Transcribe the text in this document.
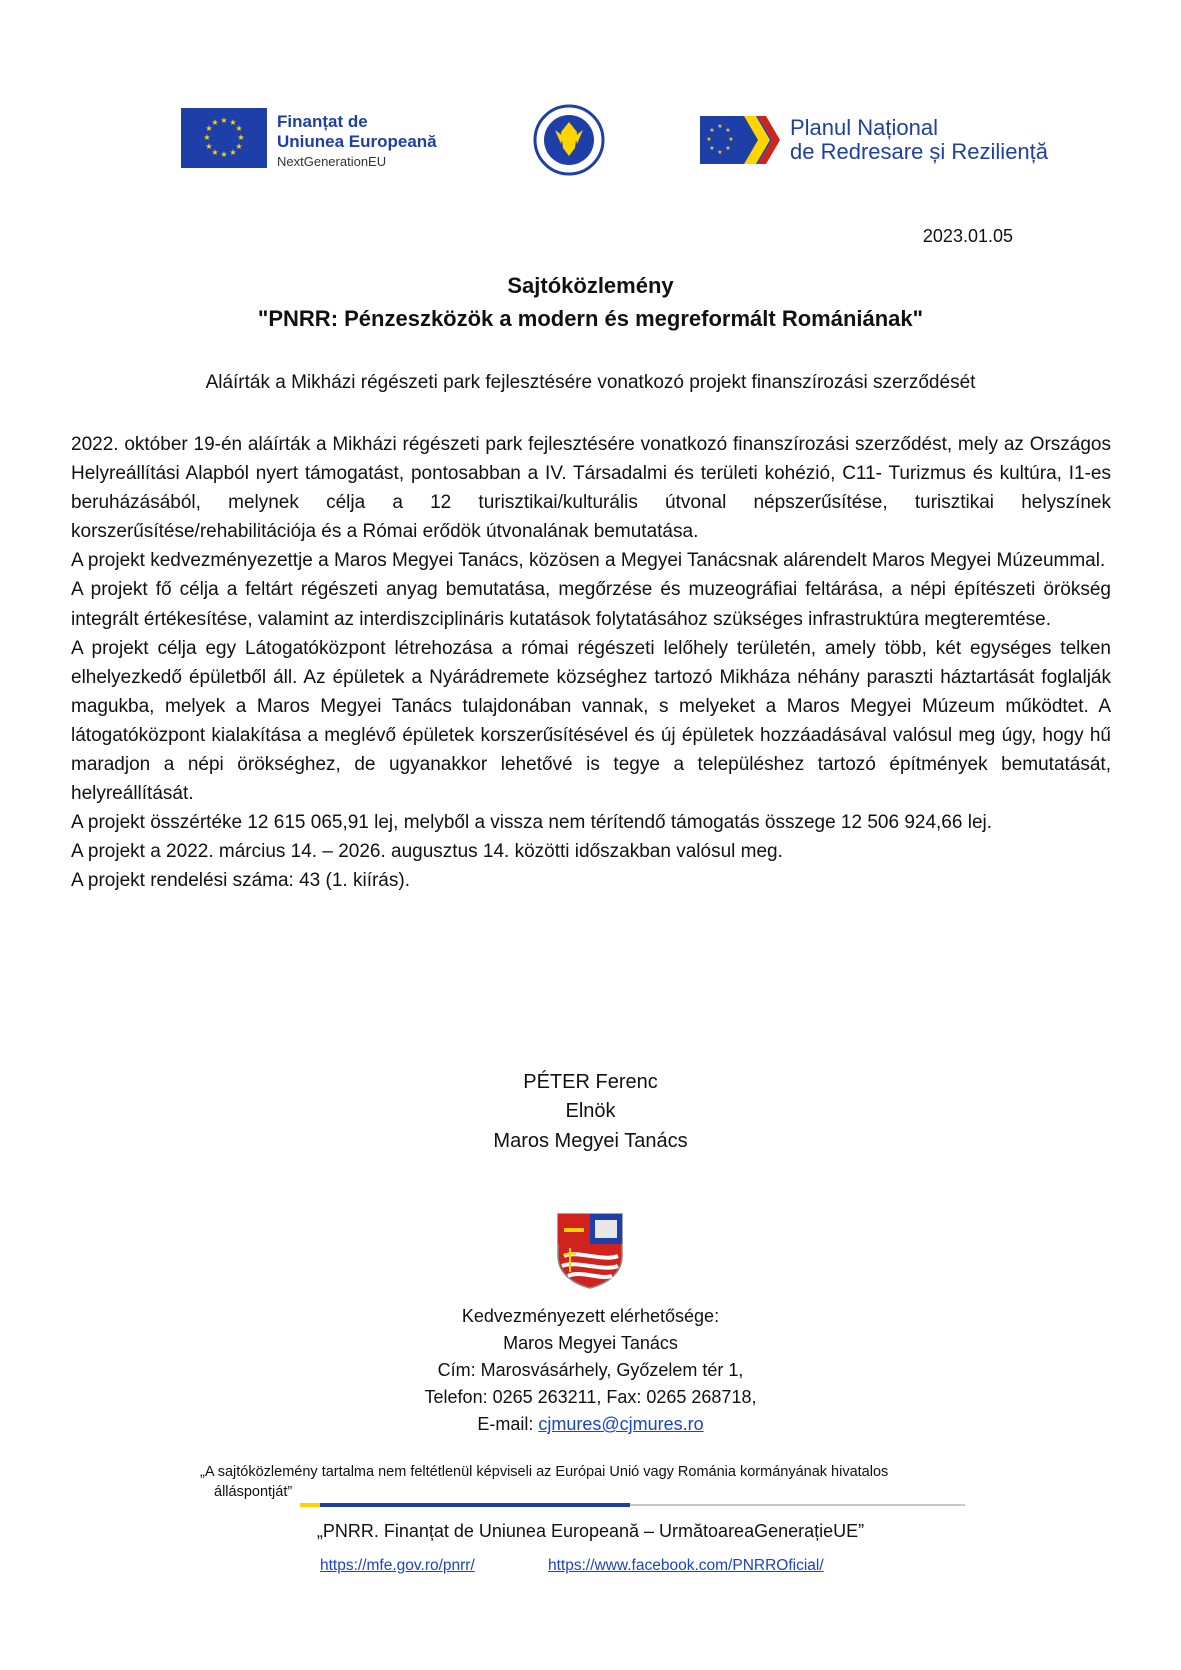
★ ★
★
★
★
★
★
★
★
★
★
★	Finanțat de
Uniunea Europeană
NextGenerationEU
★
★
★
★
★
★
★
★	Planul Național
de Redresare și Reziliență
2023.01.05
Sajtóközlemény
"PNRR: Pénzeszközök a modern és megreformált Romániának"
Aláírták a Mikházi régészeti park fejlesztésére vonatkozó projekt finanszírozási szerződését

2022. október 19-én aláírták a Mikházi régészeti park fejlesztésére vonatkozó finanszírozási szerződést, mely az Országos Helyreállítási Alapból nyert támogatást, pontosabban a IV. Társadalmi és területi kohézió, C11- Turizmus és kultúra, I1-es beruházásából, melynek célja a 12 turisztikai/kulturális útvonal népszerűsítése, turisztikai helyszínek korszerűsítése/rehabilitációja és a Római erődök útvonalának bemutatása.

A projekt kedvezményezettje a Maros Megyei Tanács, közösen a Megyei Tanácsnak alárendelt Maros Megyei Múzeummal.

A projekt fő célja a feltárt régészeti anyag bemutatása, megőrzése és muzeográfiai feltárása, a népi építészeti örökség integrált értékesítése, valamint az interdiszciplináris kutatások folytatásához szükséges infrastruktúra megteremtése.

A projekt célja egy Látogatóközpont létrehozása a római régészeti lelőhely területén, amely több, két egységes telken elhelyezkedő épületből áll. Az épületek a Nyárádremete községhez tartozó Mikháza néhány paraszti háztartását foglalják magukba, melyek a Maros Megyei Tanács tulajdonában vannak, s melyeket a Maros Megyei Múzeum működtet. A látogatóközpont kialakítása a meglévő épületek korszerűsítésével és új épületek hozzáadásával valósul meg úgy, hogy hű maradjon a népi örökséghez, de ugyanakkor lehetővé is tegye a településhez tartozó építmények bemutatását, helyreállítását.

A projekt összértéke 12 615 065,91 lej, melyből a vissza nem térítendő támogatás összege 12 506 924,66 lej.

A projekt a 2022. március 14. – 2026. augusztus 14. közötti időszakban valósul meg.

A projekt rendelési száma: 43 (1. kiírás).

PÉTER Ferenc
Elnök
Maros Megyei Tanács
Kedvezményezett elérhetősége:
Maros Megyei Tanács
Cím: Marosvásárhely, Győzelem tér 1,
Telefon: 0265 263211, Fax: 0265 268718,
E-mail: cjmures@cjmures.ro
„A sajtóközlemény tartalma nem feltétlenül képviseli az Európai Unió vagy Románia kormányának hivatalos
álláspontját”
„PNRR. Finanțat de Uniunea Europeană – UrmătoareaGenerațieUE”
https://mfe.gov.ro/pnrr/	https://www.facebook.com/PNRROficial/
